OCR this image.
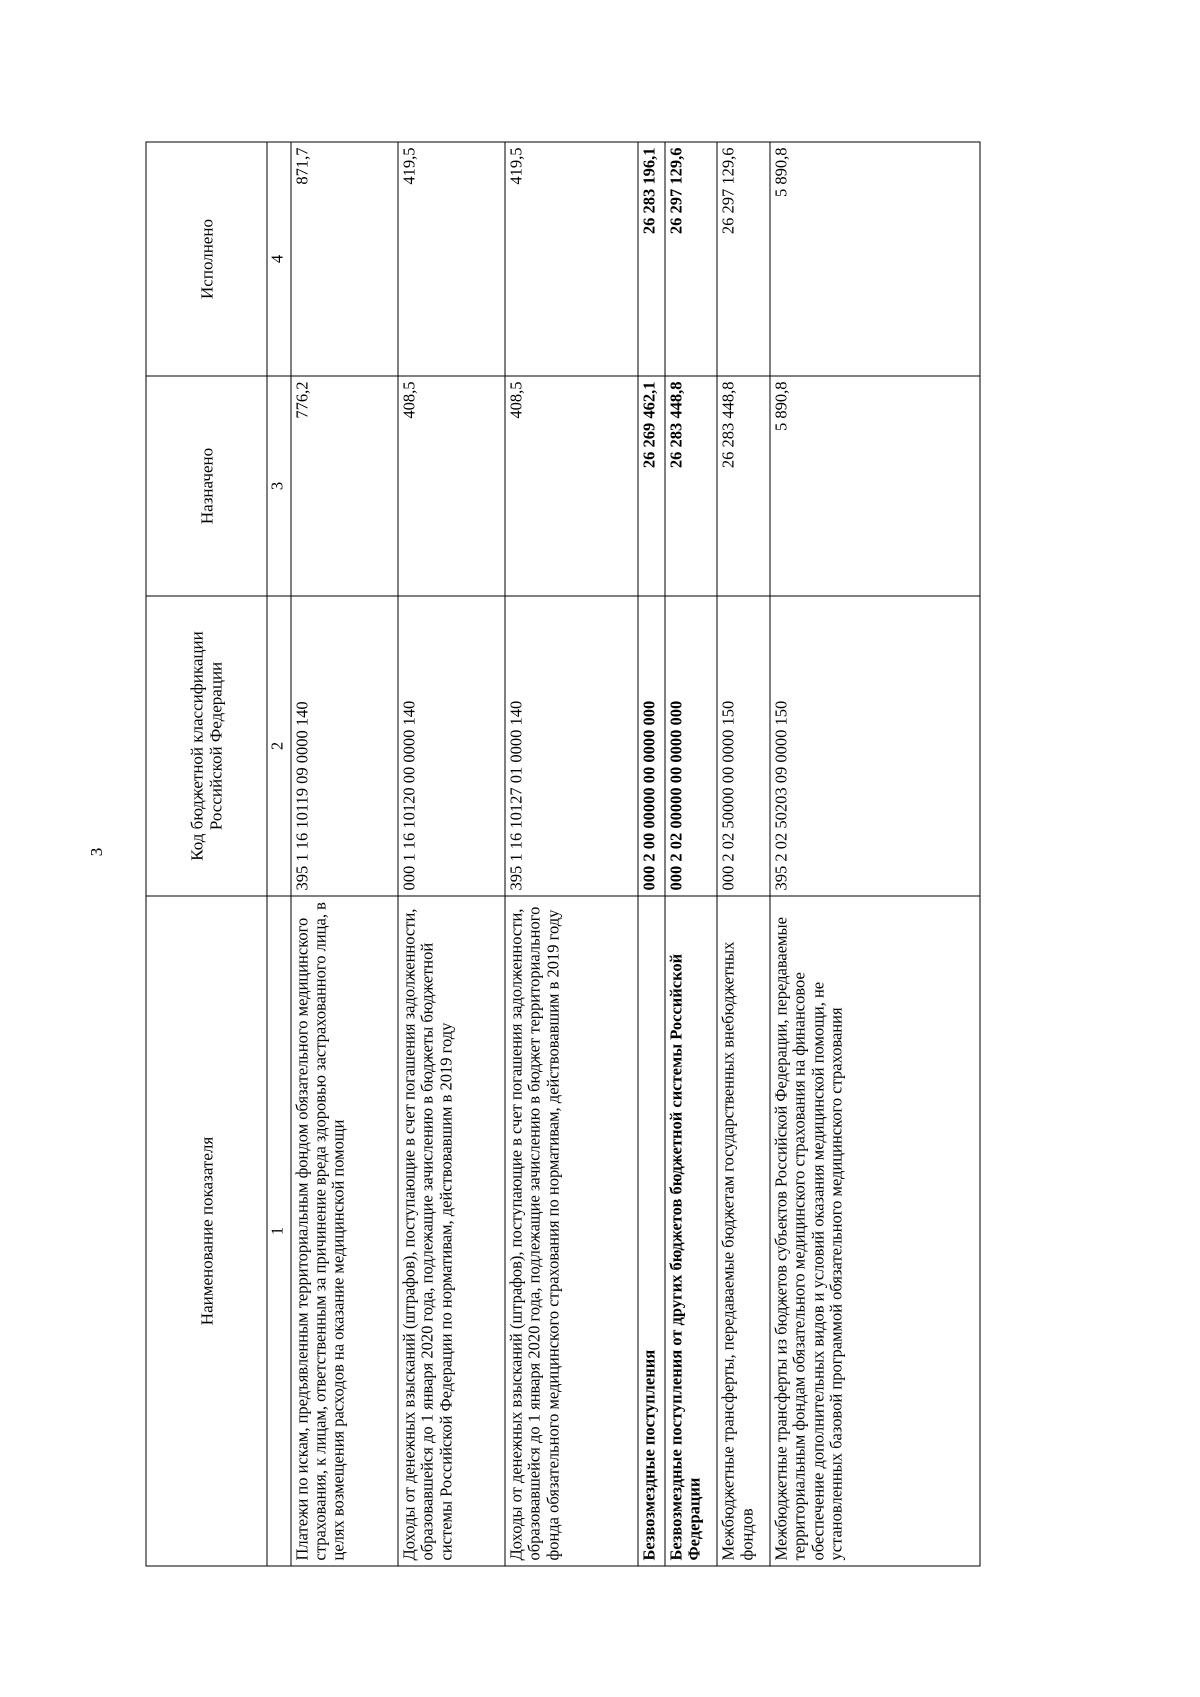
3
Наименование показателя	Код бюджетной классификации Российской Федерации	Назначено	Исполнено
1	2	3	4
Платежи по искам, предъявленным территориальным фондом обязательного медицинского страхования, к лицам, ответственным за причинение вреда здоровью застрахованного лица, в целях возмещения расходов на оказание медицинской помощи	395 1 16 10119 09 0000 140	776,2	871,7
Доходы от денежных взысканий (штрафов), поступающие в счет погашения задолженности, образовавшейся до 1 января 2020 года, подлежащие зачислению в бюджеты бюджетной системы Российской Федерации по нормативам, действовавшим в 2019 году	000 1 16 10120 00 0000 140	408,5	419,5
Доходы от денежных взысканий (штрафов), поступающие в счет погашения задолженности, образовавшейся до 1 января 2020 года, подлежащие зачислению в бюджет территориального фонда обязательного медицинского страхования по нормативам, действовавшим в 2019 году	395 1 16 10127 01 0000 140	408,5	419,5
Безвозмездные поступления	000 2 00 00000 00 0000 000	26 269 462,1	26 283 196,1
Безвозмездные поступления от других бюджетов бюджетной системы Российской Федерации	000 2 02 00000 00 0000 000	26 283 448,8	26 297 129,6
Межбюджетные трансферты, передаваемые бюджетам государственных внебюджетных фондов	000 2 02 50000 00 0000 150	26 283 448,8	26 297 129,6
Межбюджетные трансферты из бюджетов субъектов Российской Федерации, передаваемые территориальным фондам обязательного медицинского страхования на финансовое обеспечение дополнительных видов и условий оказания медицинской помощи, не установленных базовой программой обязательного медицинского страхования	395 2 02 50203 09 0000 150	5 890,8	5 890,8
